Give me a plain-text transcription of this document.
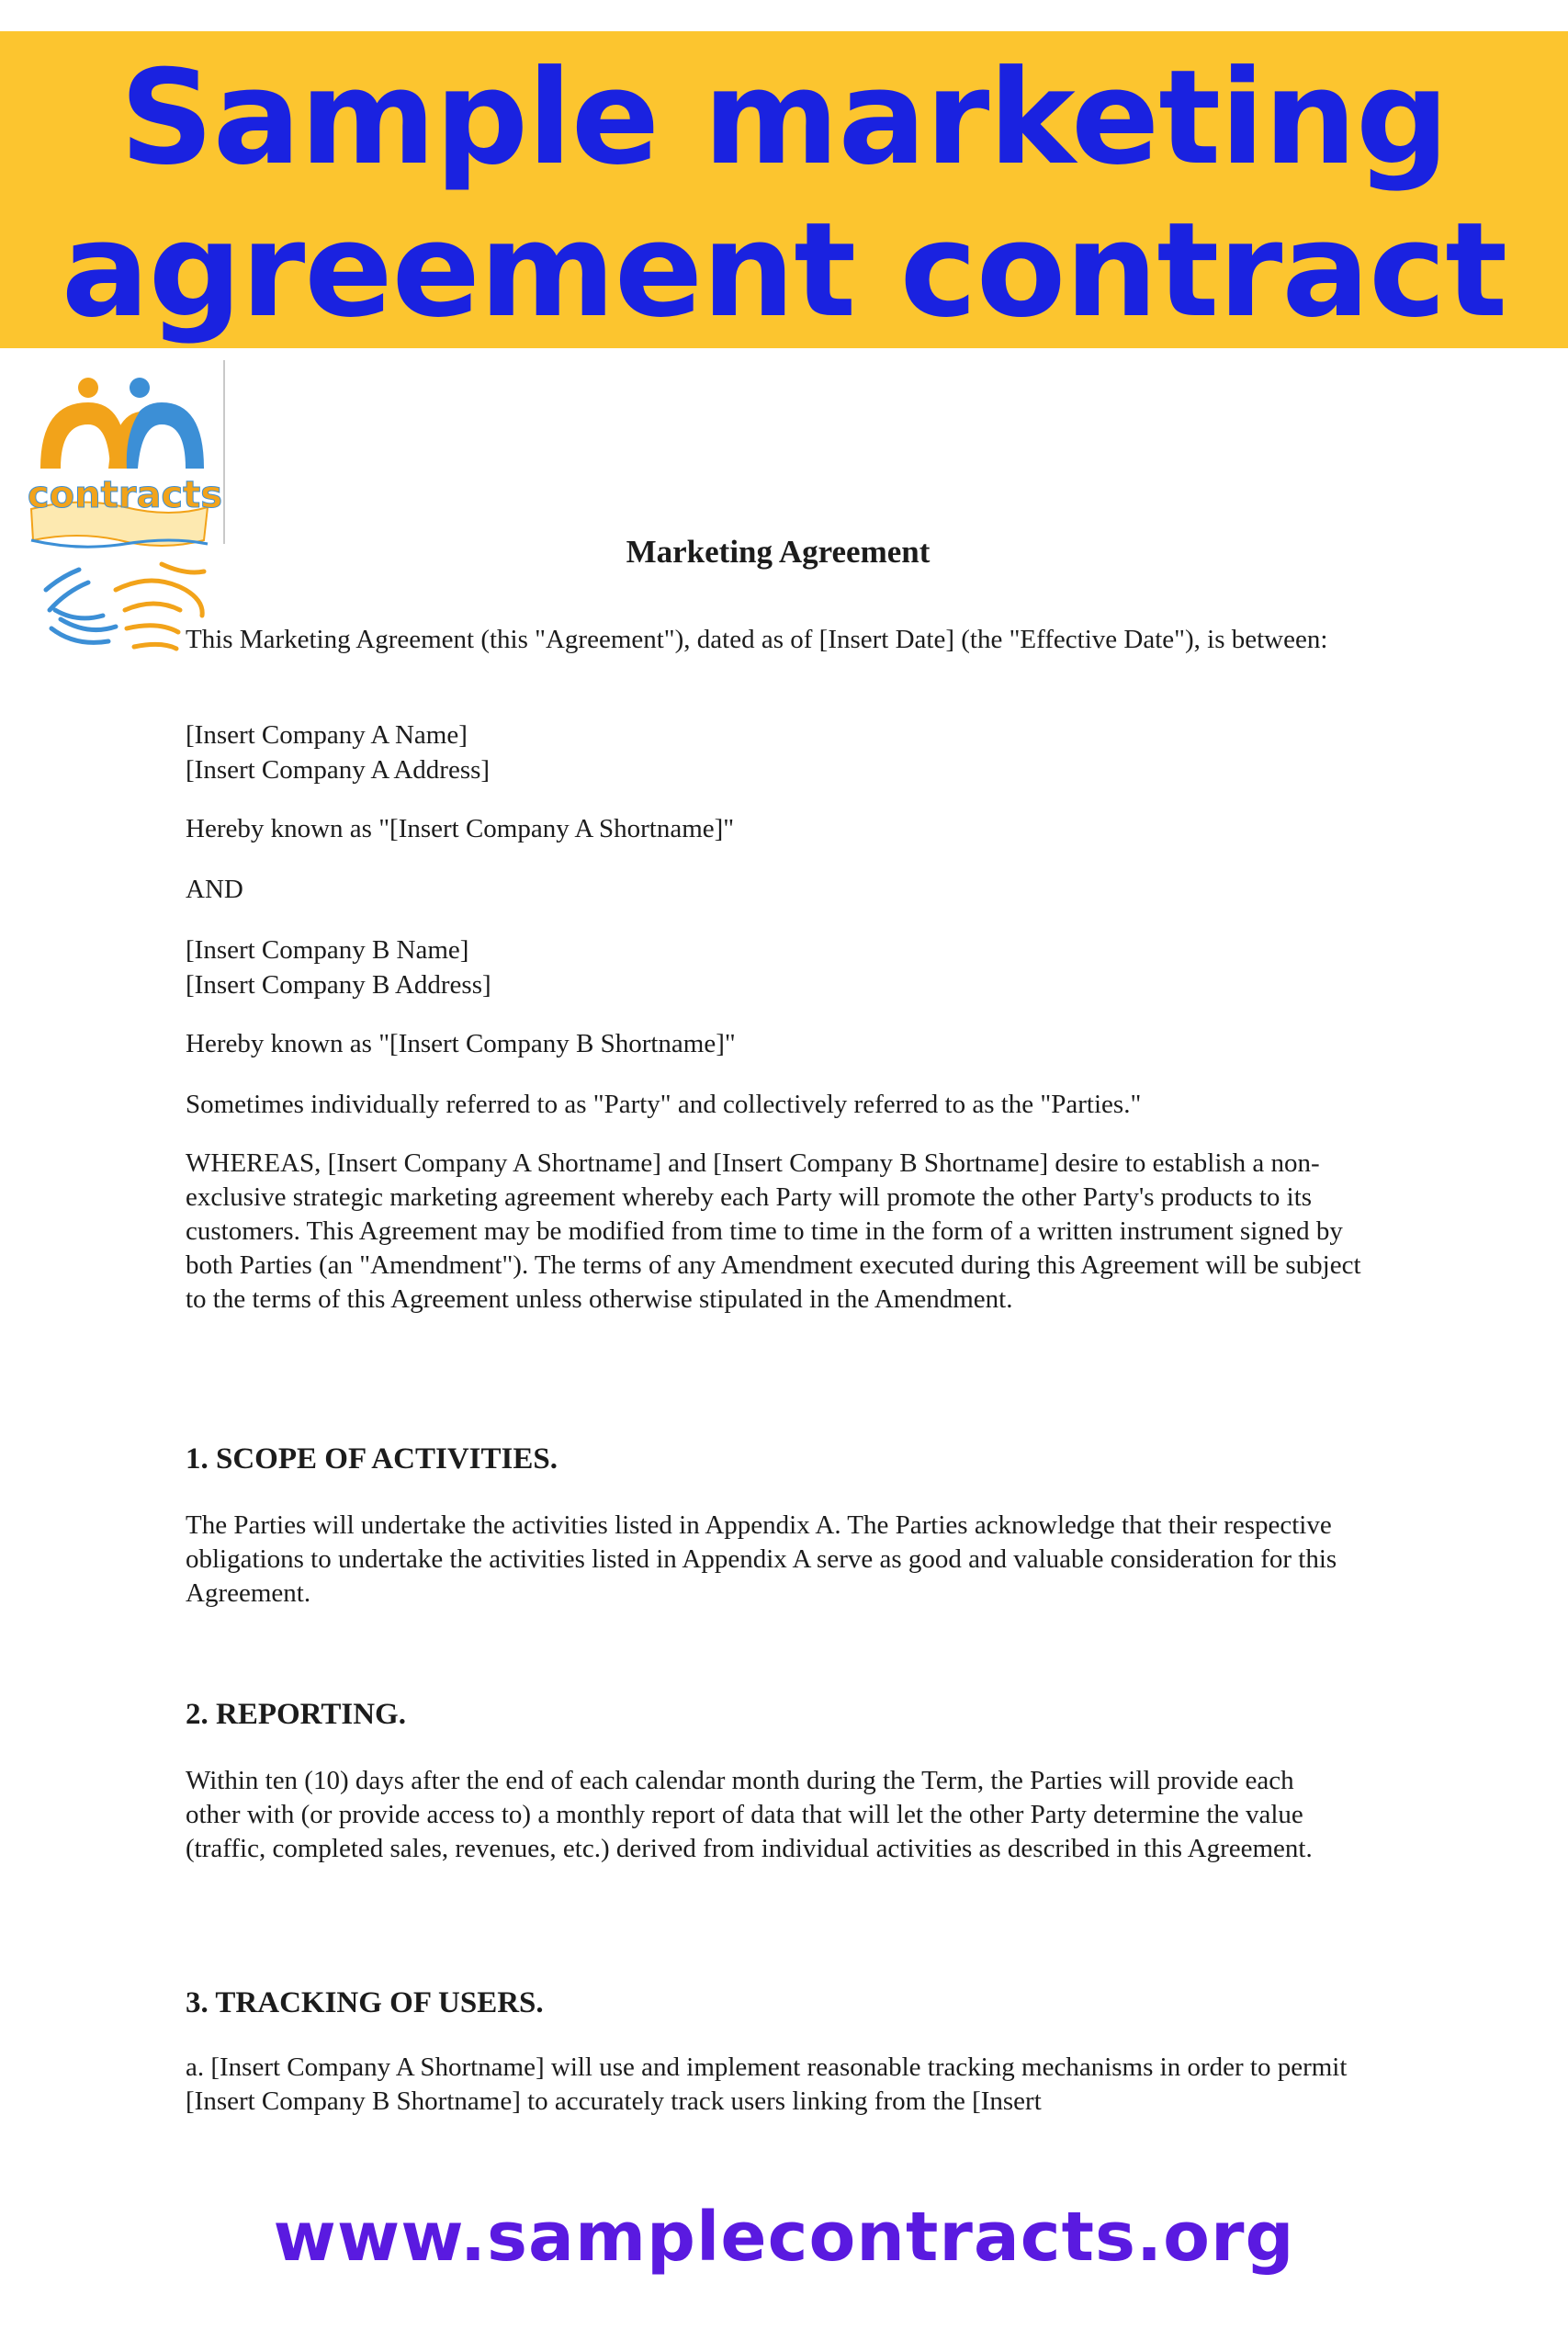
Sample marketing agreement contract
contracts
Marketing Agreement

This Marketing Agreement (this "Agreement"), dated as of [Insert Date] (the "Effective Date"), is between:

[Insert Company A Name]

[Insert Company A Address]

Hereby known as "[Insert Company A Shortname]"

AND

[Insert Company B Name]

[Insert Company B Address]

Hereby known as "[Insert Company B Shortname]"

Sometimes individually referred to as "Party" and collectively referred to as the "Parties."

WHEREAS, [Insert Company A Shortname] and [Insert Company B Shortname] desire to establish a non-exclusive strategic marketing agreement whereby each Party will promote the other Party's products to its customers. This Agreement may be modified from time to time in the form of a written instrument signed by both Parties (an "Amendment"). The terms of any Amendment executed during this Agreement will be subject to the terms of this Agreement unless otherwise stipulated in the Amendment.

1. SCOPE OF ACTIVITIES.

The Parties will undertake the activities listed in Appendix A. The Parties acknowledge that their respective obligations to undertake the activities listed in Appendix A serve as good and valuable consideration for this Agreement.

2. REPORTING.

Within ten (10) days after the end of each calendar month during the Term, the Parties will provide each other with (or provide access to) a monthly report of data that will let the other Party determine the value (traffic, completed sales, revenues, etc.) derived from individual activities as described in this Agreement.

3. TRACKING OF USERS.

a. [Insert Company A Shortname] will use and implement reasonable tracking mechanisms in order to permit [Insert Company B Shortname] to accurately track users linking from the [Insert

www.samplecontracts.org
